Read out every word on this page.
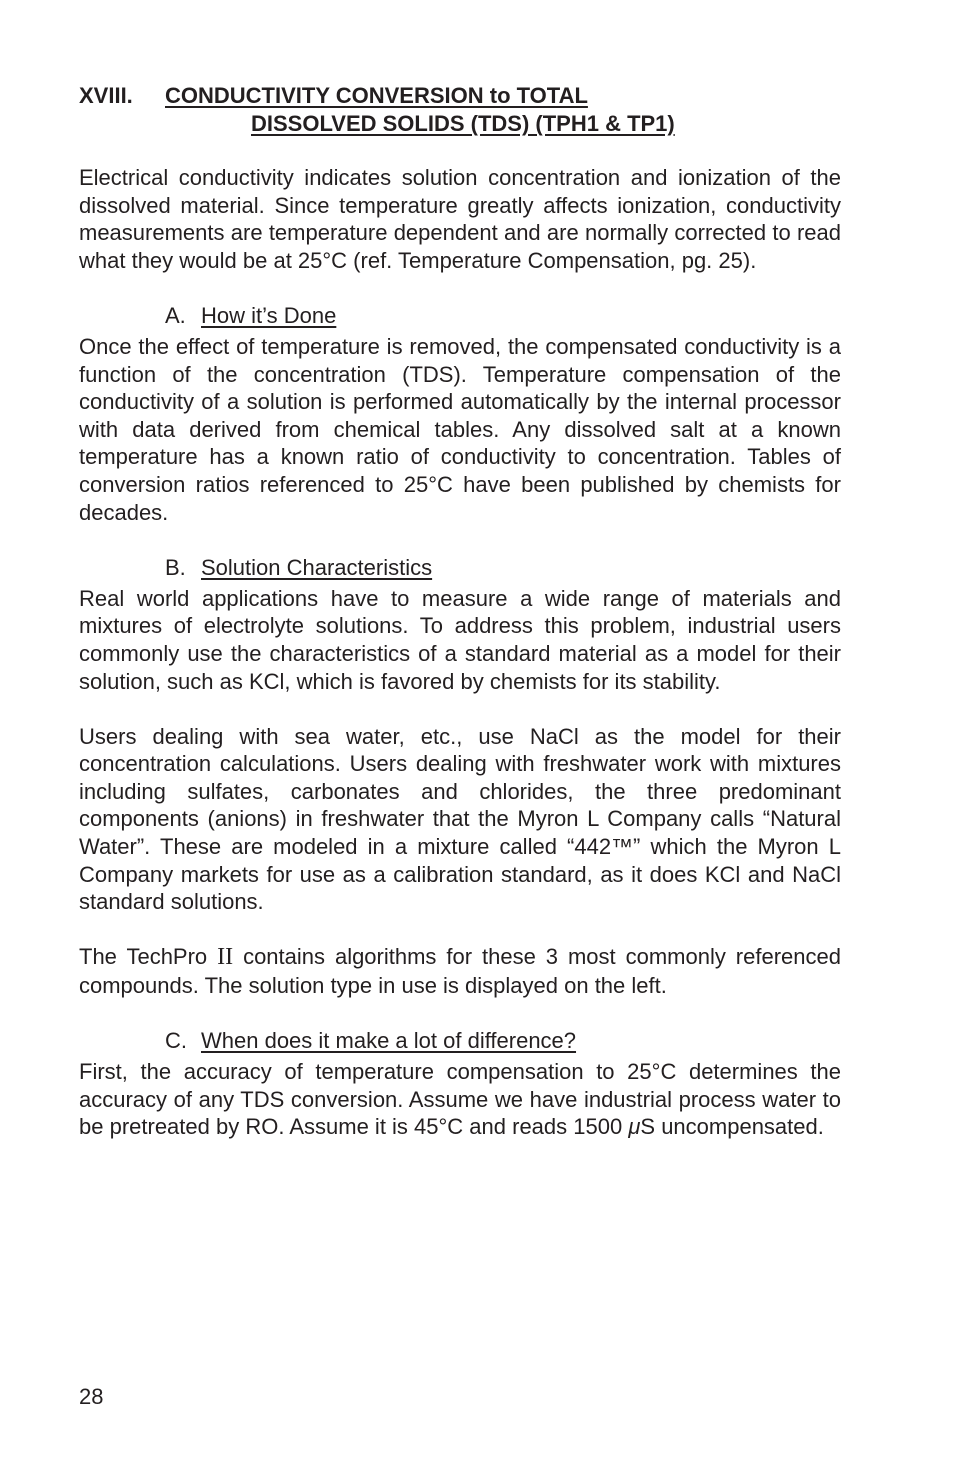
XVIII. CONDUCTIVITY CONVERSION to TOTAL
DISSOLVED SOLIDS (TDS) (TPH1 & TP1)

Electrical conductivity indicates solution concentration and ionization of the dissolved material. Since temperature greatly affects ionization, conductivity measurements are temperature dependent and are normally corrected to read what they would be at 25°C (ref. Temperature Compensation, pg. 25).

A. How it’s Done

Once the effect of temperature is removed, the compensated conductivity is a function of the concentration (TDS). Temperature compensation of the conductivity of a solution is performed automatically by the internal processor with data derived from chemical tables. Any dissolved salt at a known temperature has a known ratio of conductivity to concentration. Tables of conversion ratios referenced to 25°C have been published by chemists for decades.

B. Solution Characteristics

Real world applications have to measure a wide range of materials and mixtures of electrolyte solutions. To address this problem, industrial users commonly use the characteristics of a standard material as a model for their solution, such as KCl, which is favored by chemists for its stability.

Users dealing with sea water, etc., use NaCl as the model for their concentration calculations. Users dealing with freshwater work with mixtures including sulfates, carbonates and chlorides, the three predominant components (anions) in freshwater that the Myron L Company calls “Natural Water”. These are modeled in a mixture called “442™” which the Myron L Company markets for use as a calibration standard, as it does KCl and NaCl standard solutions.

The TechPro II contains algorithms for these 3 most commonly referenced compounds. The solution type in use is displayed on the left.

C. When does it make a lot of difference?

First, the accuracy of temperature compensation to 25°C determines the accuracy of any TDS conversion. Assume we have industrial process water to be pretreated by RO. Assume it is 45°C and reads 1500 μS uncompensated.

28
